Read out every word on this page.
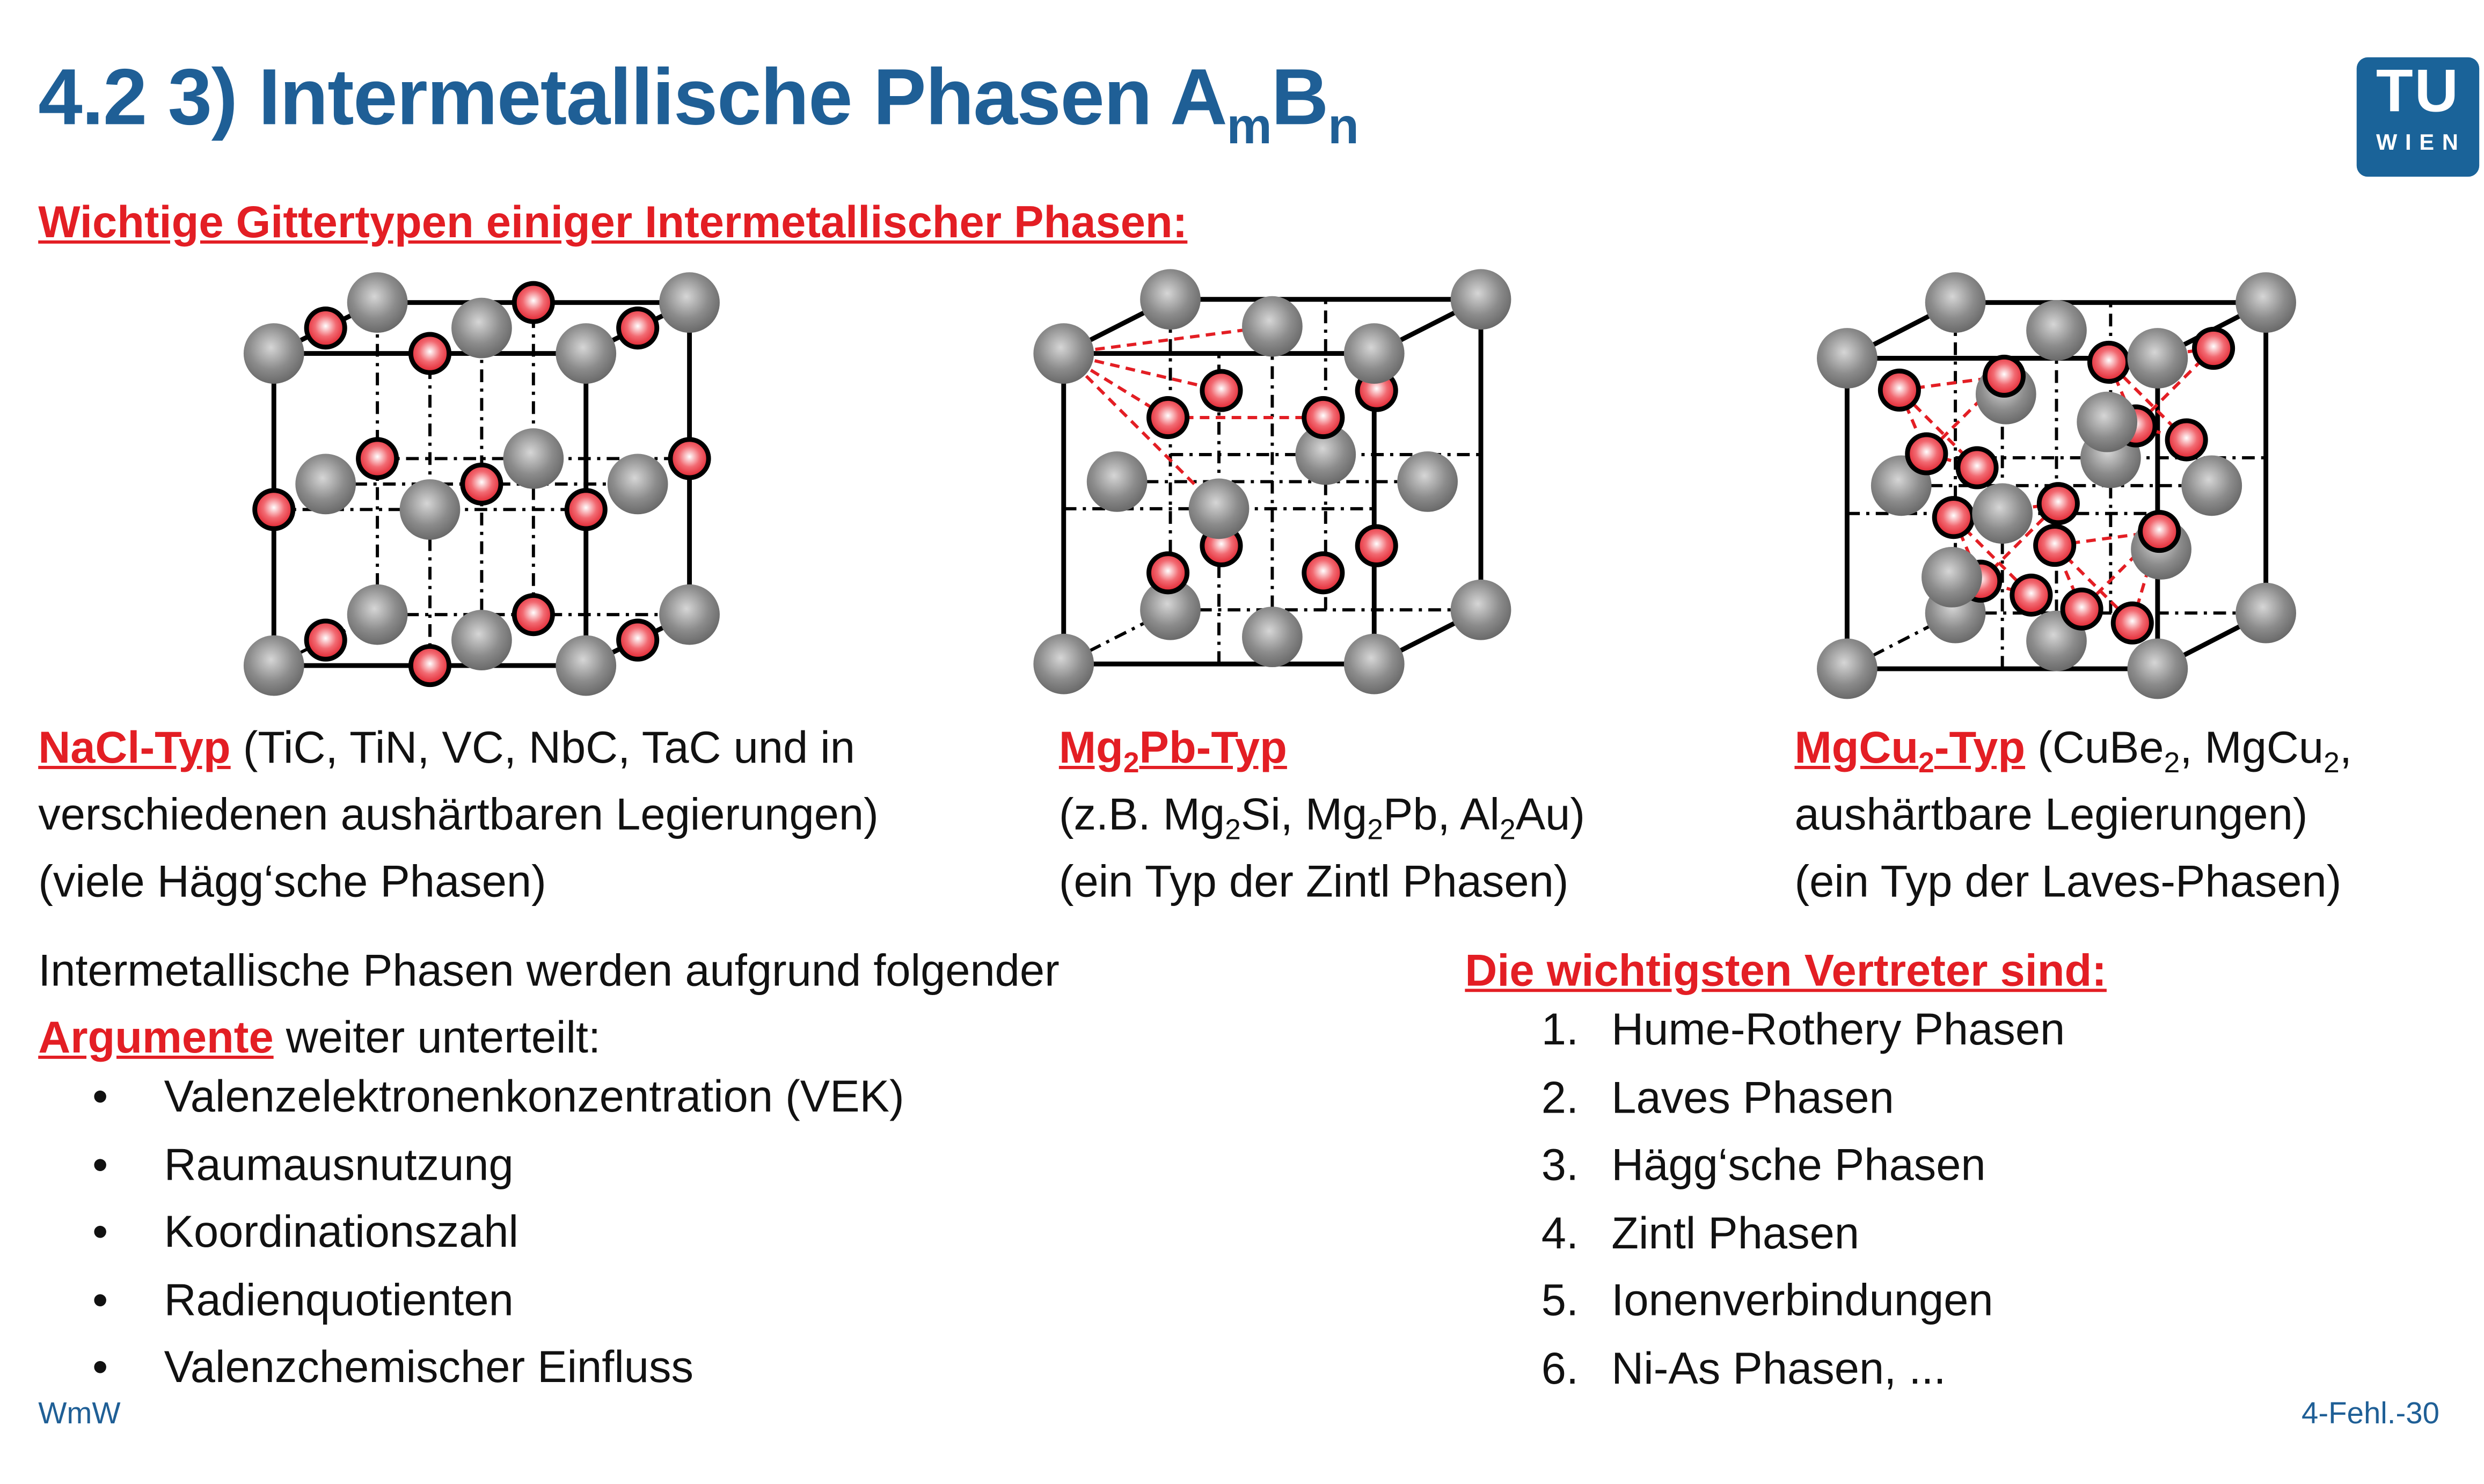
4.2 3) Intermetallische Phasen $A_mB_n$	TU
WIEN
Wichtige Gittertypen einiger Intermetallischer Phasen:
NaCl-Typ (TiC, TiN, VC, NbC, TaC und in
verschiedenen aushärtbaren Legierungen)
(viele Hägg‘sche Phasen)
$Mg_2Pb$-Typ
(z.B. $Mg_2Si$, $Mg_2Pb$, $Al_2Au$)
(ein Typ der Zintl Phasen)
MgCu$_2$-Typ (CuBe$_2$, MgCu$_2$,
aushärtbare Legierungen)
(ein Typ der Laves-Phasen)
Intermetallische Phasen werden aufgrund folgender
Argumente weiter unterteilt:
•	Valenzelektronenkonzentration (VEK)
•	Raumausnutzung
•	Koordinationszahl
•	Radienquotienten
•	Valenzchemischer Einfluss
Die wichtigsten Vertreter sind:
1. Hume-Rothery Phasen
2. Laves Phasen
3. Hägg‘sche Phasen
4. Zintl Phasen
5. Ionenverbindungen
6. Ni-As Phasen, ...
WmW	4-Fehl.-30
